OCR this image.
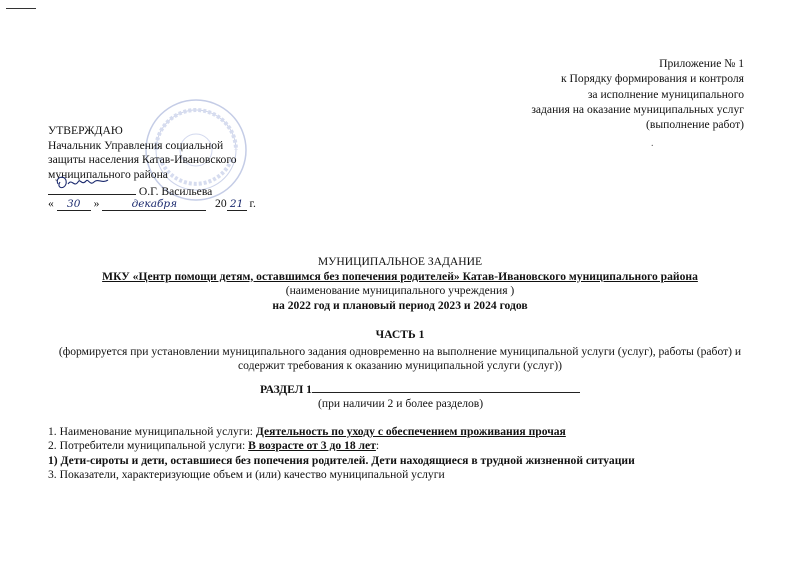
Приложение № 1
к Порядку формирования и контроля
за исполнение муниципального
задания на оказание муниципальных услуг
(выполнение работ)
.
УТВЕРЖДАЮ
Начальник Управления социальной
защиты населения Катав-Ивановского
муниципального района
О.Г. Васильева
« 30 »	декабря	20 21 г.
МУНИЦИПАЛЬНОЕ ЗАДАНИЕ
МКУ «Центр помощи детям, оставшимся без попечения родителей» Катав-Ивановского муниципального района
(наименование муниципального учреждения )
на 2022 год и плановый период 2023 и 2024 годов
ЧАСТЬ 1
(формируется при установлении муниципального задания одновременно на выполнение муниципальной услуги (услуг), работы (работ) и содержит требования к оказанию муниципальной услуги (услуг))
РАЗДЕЛ 1
(при наличии 2 и более разделов)
1. Наименование муниципальной услуги: Деятельность по уходу с обеспечением проживания прочая
2. Потребители муниципальной услуги: В возрасте от 3 до 18 лет:
1) Дети-сироты и дети, оставшиеся без попечения родителей. Дети находящиеся в трудной жизненной ситуации
3. Показатели, характеризующие объем и (или) качество муниципальной услуги
